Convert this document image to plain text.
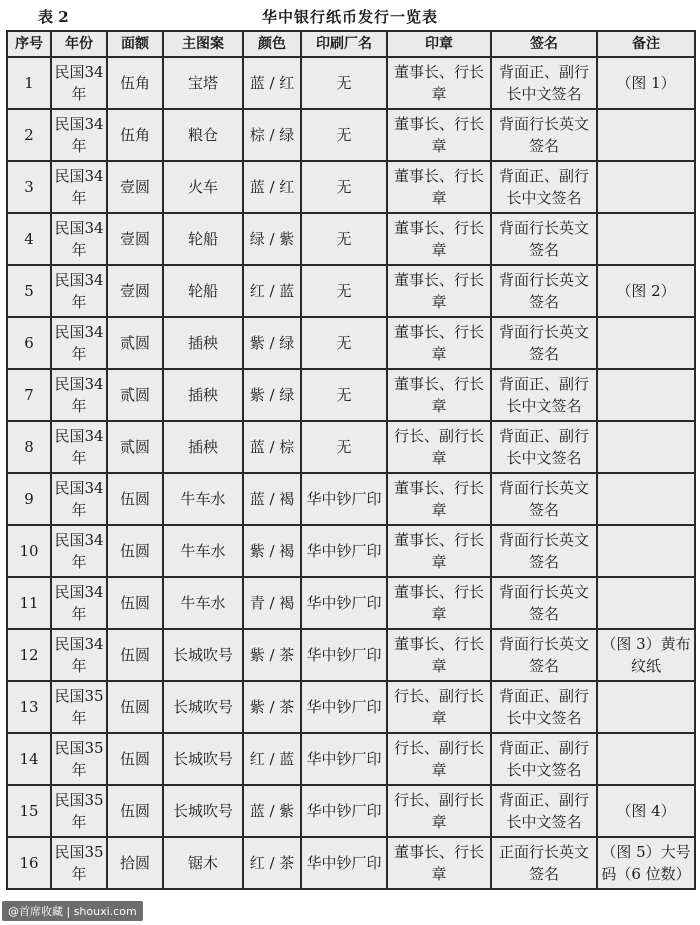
表 2	华中银行纸币发行一览表
序号	年份	面额	主图案	颜色	印刷厂名	印章	签名	备注
1	民国34年	伍角	宝塔	蓝 / 红	无	董事长、行长章	背面正、副行长中文签名	（图 1）
2	民国34年	伍角	粮仓	棕 / 绿	无	董事长、行长章	背面行长英文签名	
3	民国34年	壹圆	火车	蓝 / 红	无	董事长、行长章	背面正、副行长中文签名	
4	民国34年	壹圆	轮船	绿 / 紫	无	董事长、行长章	背面行长英文签名	
5	民国34年	壹圆	轮船	红 / 蓝	无	董事长、行长章	背面行长英文签名	（图 2）
6	民国34年	贰圆	插秧	紫 / 绿	无	董事长、行长章	背面行长英文签名	
7	民国34年	贰圆	插秧	紫 / 绿	无	董事长、行长章	背面正、副行长中文签名	
8	民国34年	贰圆	插秧	蓝 / 棕	无	行长、副行长章	背面正、副行长中文签名	
9	民国34年	伍圆	牛车水	蓝 / 褐	华中钞厂印	董事长、行长章	背面行长英文签名	
10	民国34年	伍圆	牛车水	紫 / 褐	华中钞厂印	董事长、行长章	背面行长英文签名	
11	民国34年	伍圆	牛车水	青 / 褐	华中钞厂印	董事长、行长章	背面行长英文签名	
12	民国34年	伍圆	长城吹号	紫 / 茶	华中钞厂印	董事长、行长章	背面行长英文签名	（图 3）黄布纹纸
13	民国35年	伍圆	长城吹号	紫 / 茶	华中钞厂印	行长、副行长章	背面正、副行长中文签名	
14	民国35年	伍圆	长城吹号	红 / 蓝	华中钞厂印	行长、副行长章	背面正、副行长中文签名	
15	民国35年	伍圆	长城吹号	蓝 / 紫	华中钞厂印	行长、副行长章	背面正、副行长中文签名	（图 4）
16	民国35年	拾圆	锯木	红 / 茶	华中钞厂印	董事长、行长章	正面行长英文签名	（图 5）大号码（6 位数）
@首席收藏 | shouxi.com
